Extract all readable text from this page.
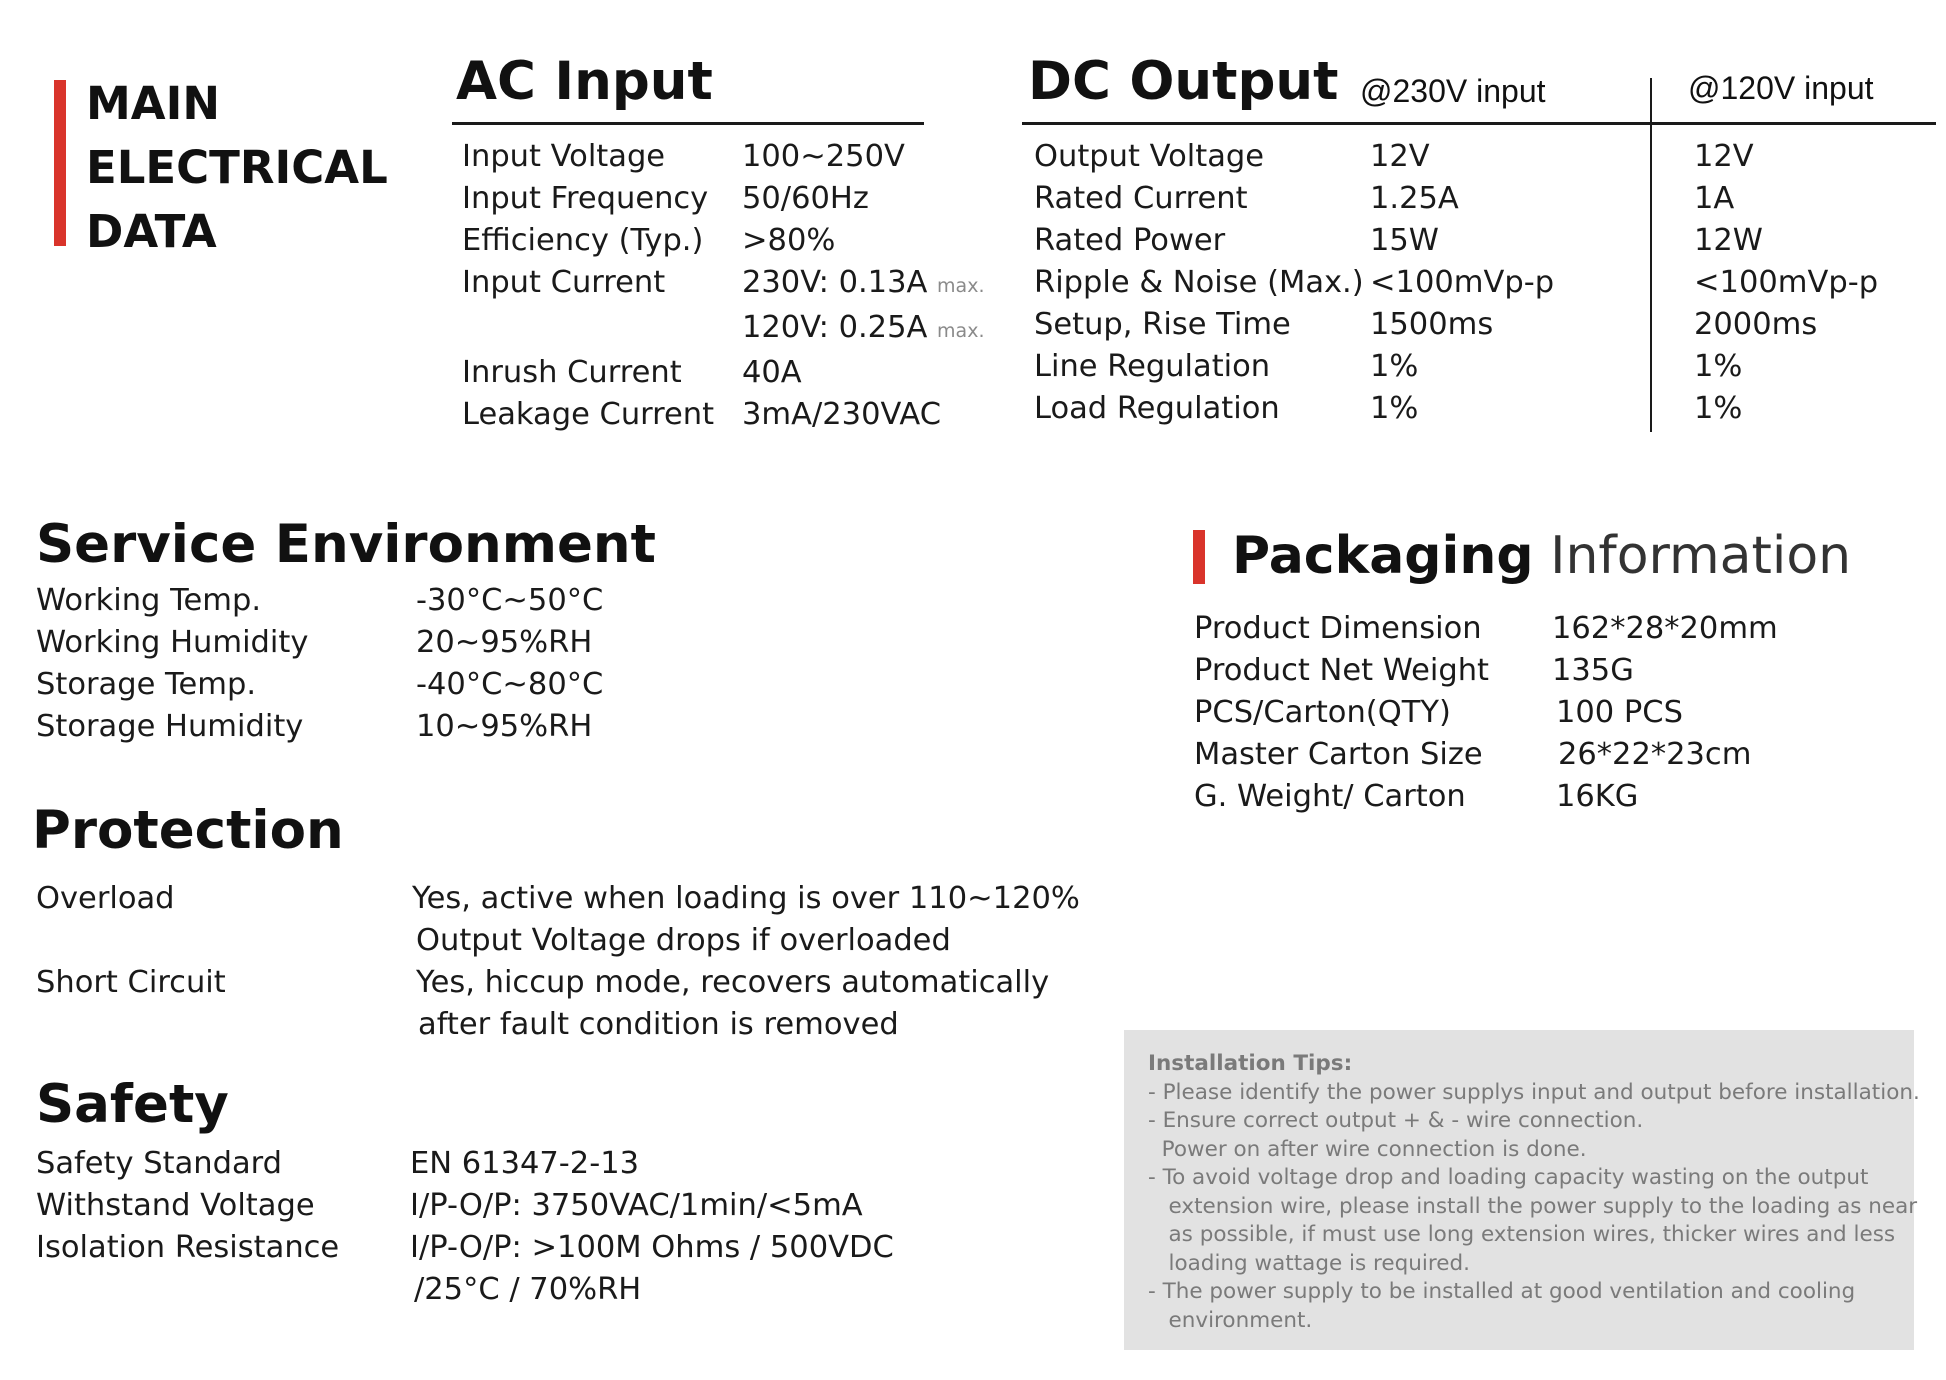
MAIN
ELECTRICAL
DATA
AC Input
Input Voltage	100~250V
Input Frequency 50/60Hz
Efficiency (Typ.) >80%
Input Current	230V: 0.13A max.
120V: 0.25A max.
Inrush Current 40A
Leakage Current 3mA/230VAC
DC Output @230V input	@120V input
Output Voltage	12V	12V
Rated Current	1.25A	1A
Rated Power	15W	12W
Ripple & Noise (Max.) <100mVp-p	<100mVp-p
Setup, Rise Time	1500ms	2000ms
Line Regulation	1%	1%
Load Regulation	1%	1%
Service Environment
Working Temp.	-30°C~50°C
Working Humidity	20~95%RH
Storage Temp.	-40°C~80°C
Storage Humidity	10~95%RH
Protection
Overload	Yes, active when loading is over 110~120%
Output Voltage drops if overloaded
Short Circuit	Yes, hiccup mode, recovers automatically
after fault condition is removed
Safety
Safety Standard	EN 61347-2-13
Withstand Voltage	I/P-O/P: 3750VAC/1min/<5mA
Isolation Resistance I/P-O/P: >100M Ohms / 500VDC
/25°C / 70%RH
Packaging Information
Product Dimension 162*28*20mm
Product Net Weight 135G
PCS/Carton(QTY)	100 PCS
Master Carton Size 26*22*23cm
G. Weight/ Carton	16KG
Installation Tips:
- Please identify the power supplys input and output before installation.
- Ensure correct output + & - wire connection.
Power on after wire connection is done.
- To avoid voltage drop and loading capacity wasting on the output
extension wire, please install the power supply to the loading as near
as possible, if must use long extension wires, thicker wires and less
loading wattage is required.
- The power supply to be installed at good ventilation and cooling
environment.
